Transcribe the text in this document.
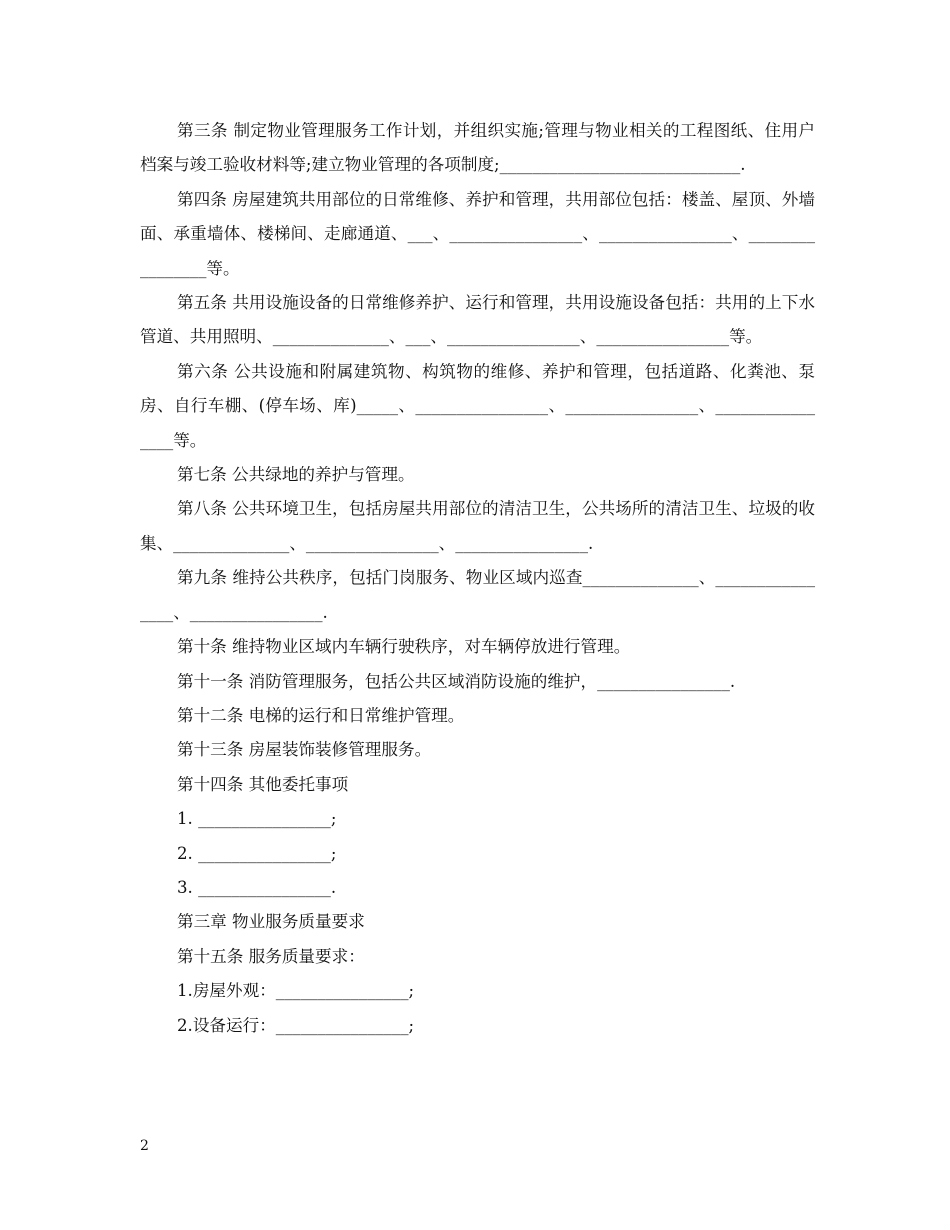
第三条 制定物业管理服务工作计划，并组织实施;管理与物业相关的工程图纸、住用户档案与竣工验收材料等;建立物业管理的各项制度;_____________________________.

第四条 房屋建筑共用部位的日常维修、养护和管理，共用部位包括：楼盖、屋顶、外墙面、承重墙体、楼梯间、走廊通道、___、________________、________________、________________等。

第五条 共用设施设备的日常维修养护、运行和管理，共用设施设备包括：共用的上下水管道、共用照明、______________、___、________________、________________等。

第六条 公共设施和附属建筑物、构筑物的维修、养护和管理，包括道路、化粪池、泵房、自行车棚、(停车场、库)_____、________________、________________、________________等。

第七条 公共绿地的养护与管理。

第八条 公共环境卫生，包括房屋共用部位的清洁卫生，公共场所的清洁卫生、垃圾的收集、______________、________________、________________.

第九条 维持公共秩序，包括门岗服务、物业区域内巡查______________、________________、________________.

第十条 维持物业区域内车辆行驶秩序，对车辆停放进行管理。

第十一条 消防管理服务，包括公共区域消防设施的维护，________________.

第十二条 电梯的运行和日常维护管理。

第十三条 房屋装饰装修管理服务。

第十四条 其他委托事项

1. ________________;

2. ________________;

3. ________________.

第三章 物业服务质量要求

第十五条 服务质量要求：

1.房屋外观：________________;

2.设备运行：________________;

2
